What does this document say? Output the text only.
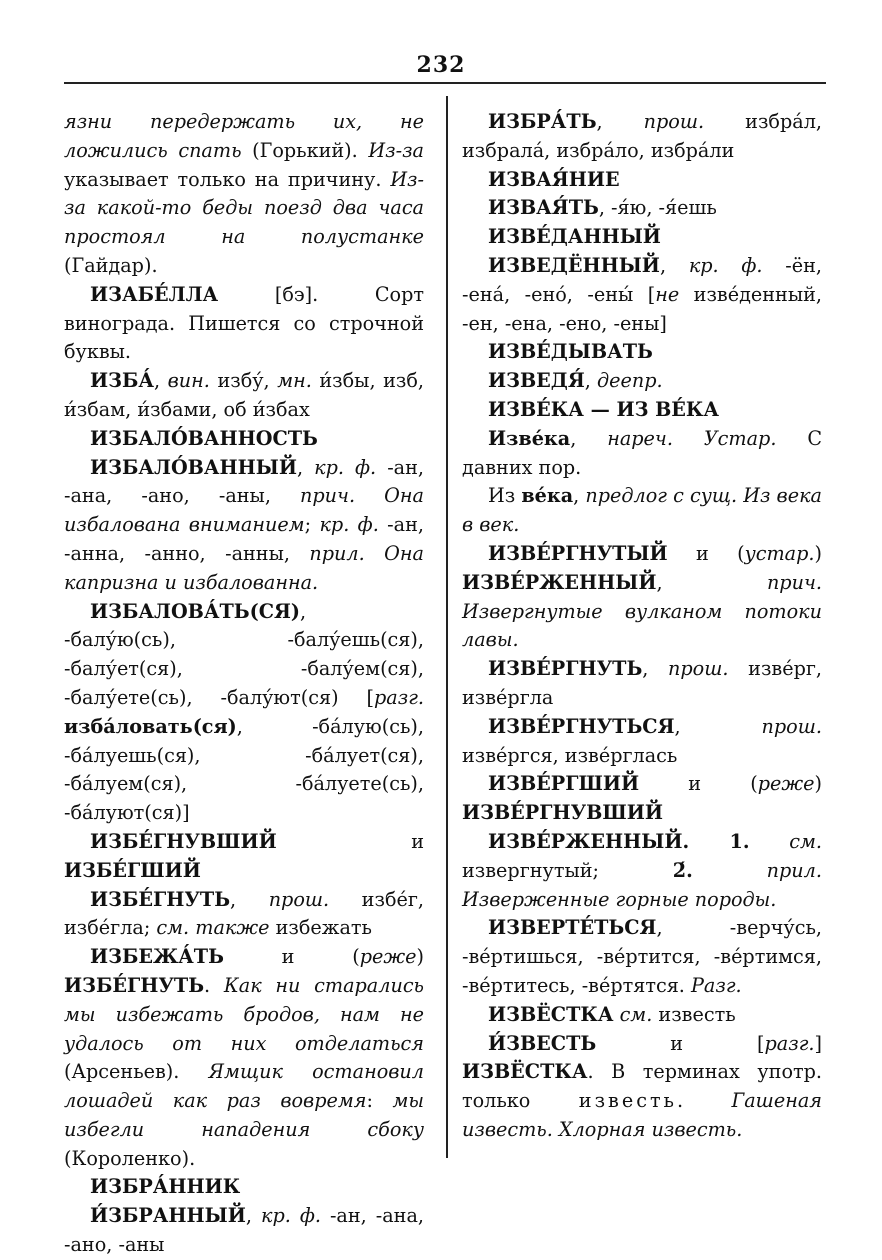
232

язни передержать их, не ложились спать (Горький). Из-за указывает только на причину. Из-за какой-то беды поезд два часа простоял на полустанке (Гайдар).

ИЗАБЕ́ЛЛА [бэ]. Сорт винограда. Пишется со строчной буквы.

ИЗБА́, вин. избу́, мн. и́збы, изб, и́збам, и́збами, об и́збах

ИЗБАЛО́ВАННОСТЬ

ИЗБАЛО́ВАННЫЙ, кр. ф. -ан, -ана, -ано, -аны, прич. Она избалована вниманием; кр. ф. -ан, -анна, -анно, -анны, прил. Она капризна и избалованна.

ИЗБАЛОВА́ТЬ(СЯ), -балу́ю(сь), -балу́ешь(ся), -балу́ет(ся), -балу́ем(ся), -балу́ете(сь), -балу́ют(ся) [разг. изба́ловать(ся), -ба́лую(сь), -ба́луешь(ся), -ба́лует(ся), -ба́луем(ся), -ба́луете(сь), -ба́луют(ся)]

ИЗБЕ́ГНУВШИЙ и ИЗБЕ́ГШИЙ

ИЗБЕ́ГНУТЬ, прош. избе́г, избе́гла; см. также избежать

ИЗБЕЖА́ТЬ и (реже) ИЗБЕ́ГНУТЬ. Как ни старались мы избежать бродов, нам не удалось от них отделаться (Арсеньев). Ямщик остановил лошадей как раз вовремя: мы избегли нападения сбоку (Короленко).

ИЗБРА́ННИК

И́ЗБРАННЫЙ, кр. ф. -ан, -ана, -ано, -аны

ИЗБРА́ТЬ, прош. избра́л, избрала́, избра́ло, избра́ли

ИЗВАЯ́НИЕ

ИЗВАЯ́ТЬ, -я́ю, -я́ешь

ИЗВЕ́ДАННЫЙ

ИЗВЕДЁННЫЙ, кр. ф. -ён, -ена́, -ено́, -ены́ [не изве́денный, -ен, -ена, -ено, -ены]

ИЗВЕ́ДЫВАТЬ

ИЗВЕДЯ́, деепр.

ИЗВЕ́КА — ИЗ ВЕ́КА

Изве́ка, нареч. Устар. С давних пор.

Из ве́ка, предлог с сущ. Из века в век.

ИЗВЕ́РГНУТЫЙ и (устар.) ИЗВЕ́РЖЕННЫЙ, прич. Извергнутые вулканом потоки лавы.

ИЗВЕ́РГНУТЬ, прош. изве́рг, изве́ргла

ИЗВЕ́РГНУТЬСЯ, прош. изве́ргся, изве́рглась

ИЗВЕ́РГШИЙ и (реже) ИЗВЕ́РГНУВШИЙ

ИЗВЕ́РЖЕННЫЙ. 1. см. извергнутый; 2́.	прил. Изверженные горные породы.

ИЗВЕРТЕ́ТЬСЯ, -верчу́сь, -ве́ртишься, -ве́ртится, -ве́ртимся, -ве́ртитесь, -ве́ртятся. Разг.

ИЗВЁСТКА см. известь

И́ЗВЕСТЬ и [разг.] ИЗВЁСТКА. В терминах употр. только известь. Гашеная известь. Хлорная известь.
